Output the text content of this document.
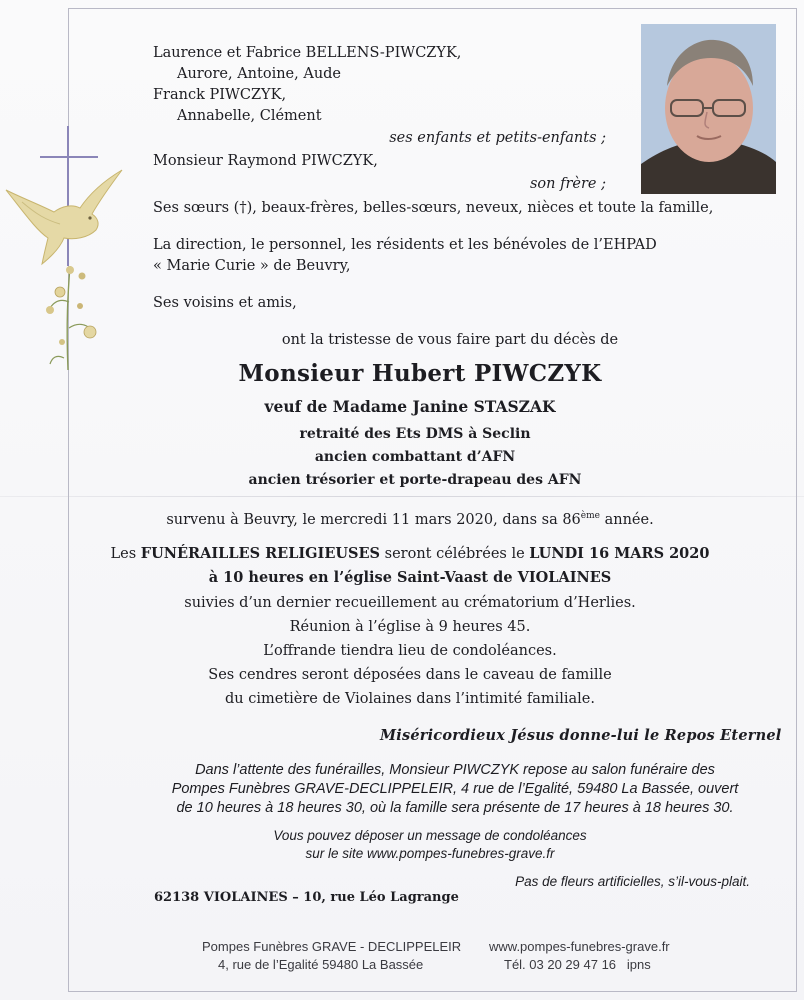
Laurence et Fabrice BELLENS-PIWCZYK,
Aurore, Antoine, Aude
Franck PIWCZYK,
Annabelle, Clément
ses enfants et petits-enfants ;
Monsieur Raymond PIWCZYK,
son frère ;
Ses sœurs (†), beaux-frères, belles-sœurs, neveux, nièces et toute la famille,
La direction, le personnel, les résidents et les bénévoles de l’EHPAD
« Marie Curie » de Beuvry,
Ses voisins et amis,
ont la tristesse de vous faire part du décès de
Monsieur Hubert PIWCZYK
veuf de Madame Janine STASZAK
retraité des Ets DMS à Seclin
ancien combattant d’AFN
ancien trésorier et porte-drapeau des AFN
survenu à Beuvry, le mercredi 11 mars 2020, dans sa 86ème année.
Les FUNÉRAILLES RELIGIEUSES seront célébrées le LUNDI 16 MARS 2020
à 10 heures en l’église Saint-Vaast de VIOLAINES
suivies d’un dernier recueillement au crématorium d’Herlies.
Réunion à l’église à 9 heures 45.
L’offrande tiendra lieu de condoléances.
Ses cendres seront déposées dans le caveau de famille
du cimetière de Violaines dans l’intimité familiale.
Miséricordieux Jésus donne-lui le Repos Eternel
Dans l’attente des funérailles, Monsieur PIWCZYK repose au salon funéraire des
Pompes Funèbres GRAVE-DECLIPPELEIR, 4 rue de l’Egalité, 59480 La Bassée, ouvert
de 10 heures à 18 heures 30, où la famille sera présente de 17 heures à 18 heures 30.
Vous pouvez déposer un message de condoléances
sur le site www.pompes-funebres-grave.fr
Pas de fleurs artificielles, s’il-vous-plait.
62138 VIOLAINES – 10, rue Léo Lagrange
Pompes Funèbres GRAVE - DECLIPPELEIR
4, rue de l’Egalité 59480 La Bassée
www.pompes-funebres-grave.fr
Tél. 03 20 29 47 16   ipns
